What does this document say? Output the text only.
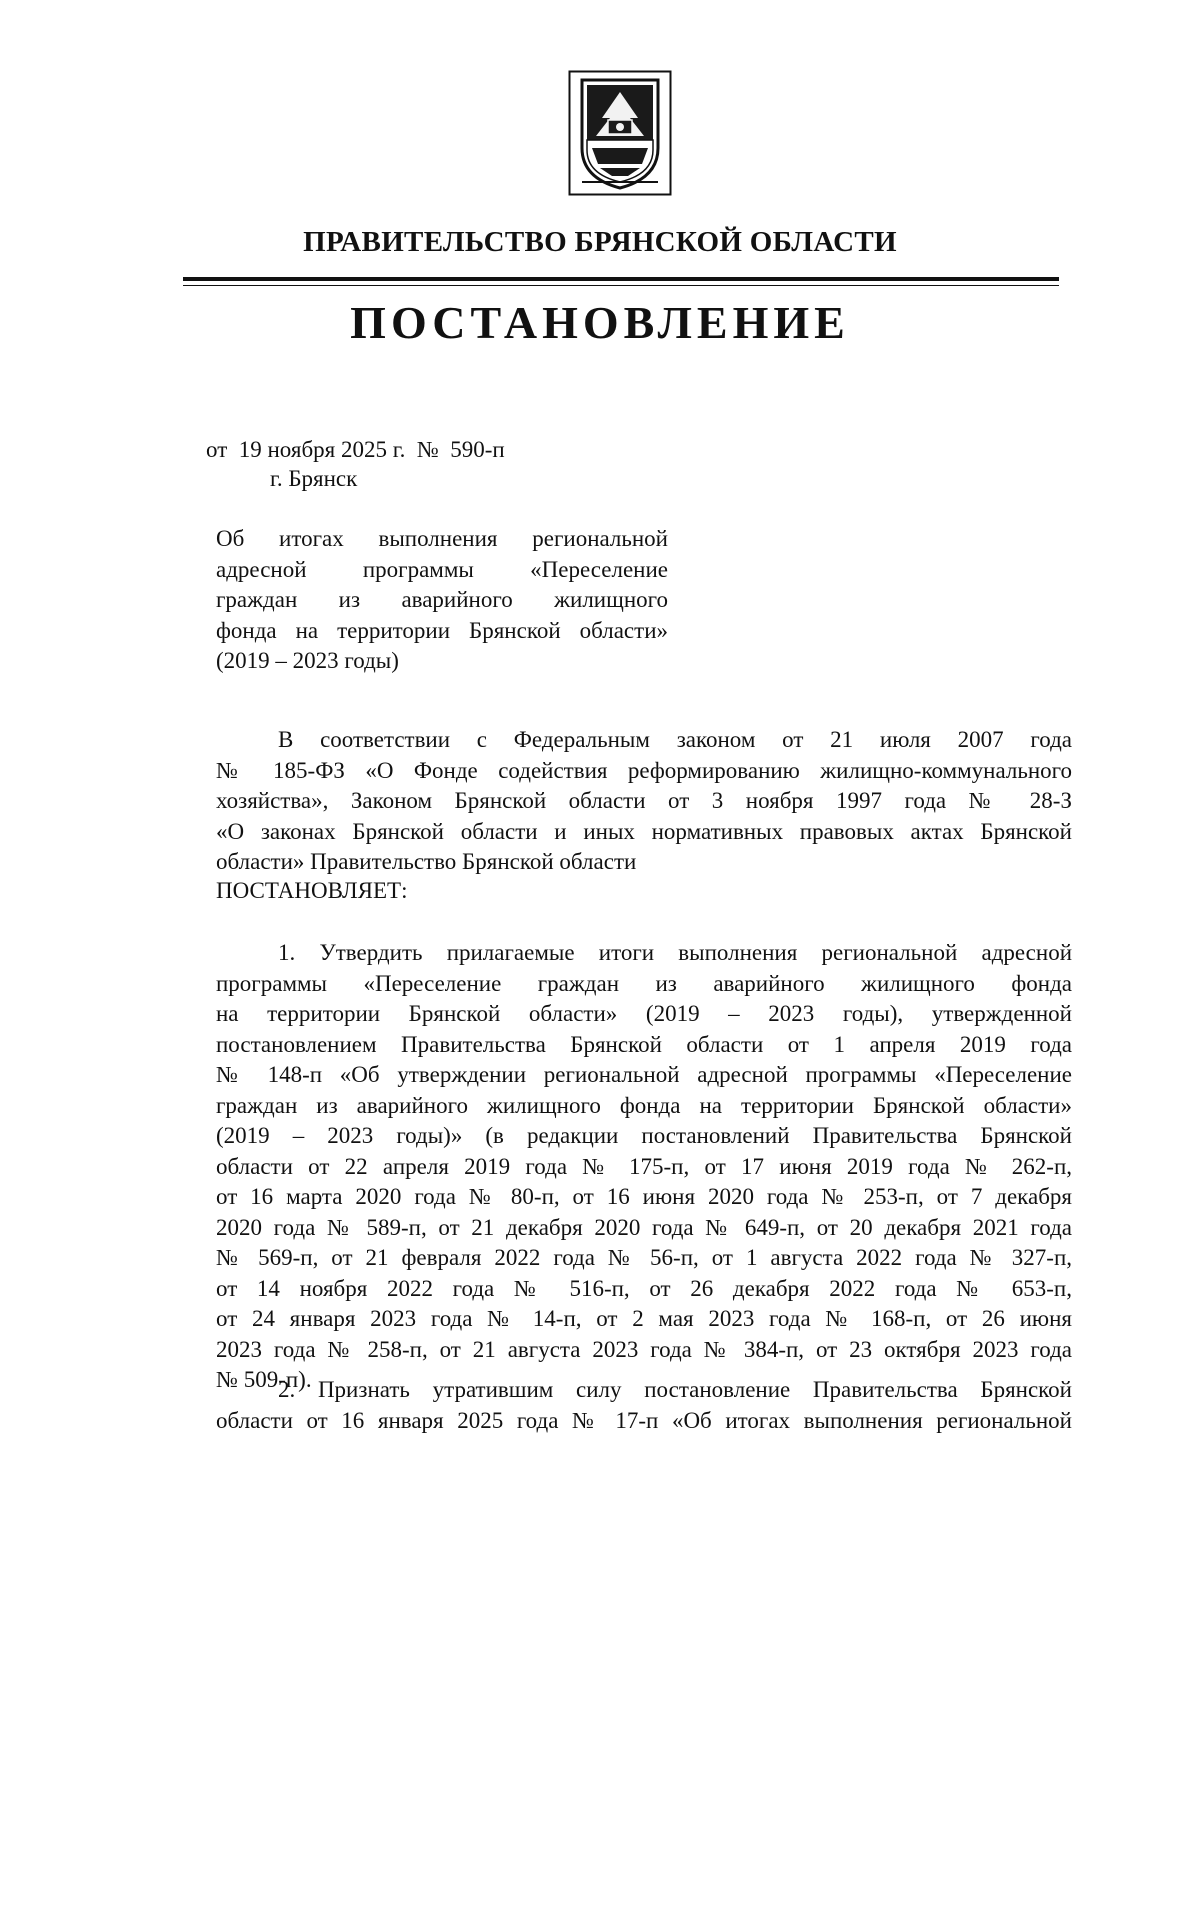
ПРАВИТЕЛЬСТВО БРЯНСКОЙ ОБЛАСТИ
ПОСТАНОВЛЕНИЕ
от  19 ноября 2025 г.  №  590-п
г. Брянск
Об итогах выполнения региональной
адресной программы «Переселение
граждан из аварийного жилищного
фонда на территории Брянской области»
(2019 – 2023 годы)
В соответствии с Федеральным законом от 21 июля 2007 года
№ 185-ФЗ «О Фонде содействия реформированию жилищно-коммунального
хозяйства», Законом Брянской области от 3 ноября 1997 года № 28-З
«О законах Брянской области и иных нормативных правовых актах Брянской
области» Правительство Брянской области
ПОСТАНОВЛЯЕТ:
1. Утвердить прилагаемые итоги выполнения региональной адресной
программы «Переселение граждан из аварийного жилищного фонда
на территории Брянской области» (2019 – 2023 годы), утвержденной
постановлением Правительства Брянской области от 1 апреля 2019 года
№ 148-п «Об утверждении региональной адресной программы «Переселение
граждан из аварийного жилищного фонда на территории Брянской области»
(2019 – 2023 годы)» (в редакции постановлений Правительства Брянской
области от 22 апреля 2019 года № 175-п, от 17 июня 2019 года № 262-п,
от 16 марта 2020 года № 80-п, от 16 июня 2020 года № 253-п, от 7 декабря
2020 года № 589-п, от 21 декабря 2020 года № 649-п, от 20 декабря 2021 года
№ 569-п, от 21 февраля 2022 года № 56-п, от 1 августа 2022 года № 327-п,
от 14 ноября 2022 года № 516-п, от 26 декабря 2022 года № 653-п,
от 24 января 2023 года № 14-п, от 2 мая 2023 года № 168-п, от 26 июня
2023 года № 258-п, от 21 августа 2023 года № 384-п, от 23 октября 2023 года
№ 509-п).
2. Признать утратившим силу постановление Правительства Брянской
области от 16 января 2025 года № 17-п «Об итогах выполнения региональной
